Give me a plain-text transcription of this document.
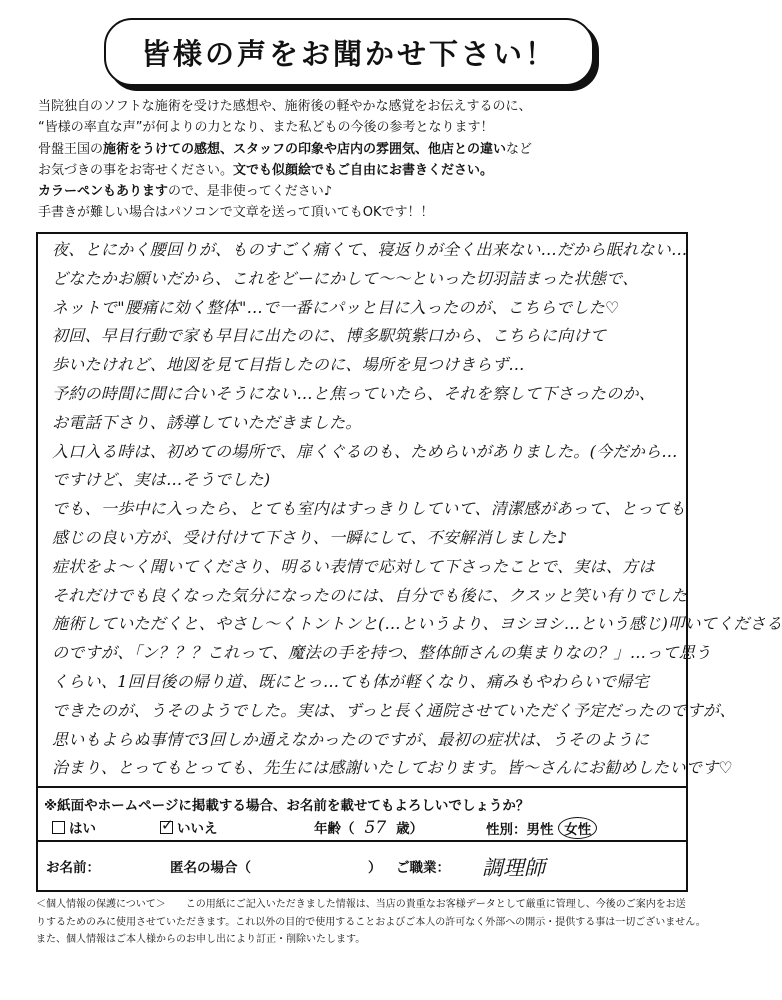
皆様の声をお聞かせ下さい！
当院独自のソフトな施術を受けた感想や、施術後の軽やかな感覚をお伝えするのに、
“皆様の率直な声”が何よりの力となり、また私どもの今後の参考となります！
骨盤王国の施術をうけての感想、スタッフの印象や店内の雰囲気、他店との違いなど
お気づきの事をお寄せください。文でも似顔絵でもご自由にお書きください。
カラーペンもありますので、是非使ってください♪
手書きが難しい場合はパソコンで文章を送って頂いてもOKです！！
夜、とにかく腰回りが、ものすごく痛くて、寝返りが全く出来ない…だから眠れない…
どなたかお願いだから、これをどーにかして～～といった切羽詰まった状態で、
ネットで"腰痛に効く整体"…で一番にパッと目に入ったのが、こちらでした♡
初回、早目行動で家も早目に出たのに、博多駅筑紫口から、こちらに向けて
歩いたけれど、地図を見て目指したのに、場所を見つけきらず…
予約の時間に間に合いそうにない…と焦っていたら、それを察して下さったのか、
お電話下さり、誘導していただきました。
入口入る時は、初めての場所で、扉くぐるのも、ためらいがありました。(今だから…
ですけど、実は…そうでした)
でも、一歩中に入ったら、とても室内はすっきりしていて、清潔感があって、とっても
感じの良い方が、受け付けて下さり、一瞬にして、不安解消しました♪
症状をよ～く聞いてくださり、明るい表情で応対して下さったことで、実は、方は
それだけでも良くなった気分になったのには、自分でも後に、クスッと笑い有りでした
施術していただくと、やさし～くトントンと(…というより、ヨシヨシ…という感じ)叩いてくださる
のですが、「ン？？？これって、魔法の手を持つ、整体師さんの集まりなの？」…って思う
くらい、1回目後の帰り道、既にとっ…ても体が軽くなり、痛みもやわらいで帰宅
できたのが、うそのようでした。実は、ずっと長く通院させていただく予定だったのですが、
思いもよらぬ事情で3回しか通えなかったのですが、最初の症状は、うそのように
治まり、とってもとっても、先生には感謝いたしております。皆～さんにお勧めしたいです♡
※紙面やホームページに掲載する場合、お名前を載せてもよろしいでしょうか？
はい	✓ いいえ	年齢（ 57 歳）	性別：男性 女性
お名前：	匿名の場合（	） ご職業： 調理師
＜個人情報の保護について＞　　この用紙にご記入いただきました情報は、当店の貴重なお客様データとして厳重に管理し、今後のご案内をお送
りするためのみに使用させていただきます。これ以外の目的で使用することおよびご本人の許可なく外部への開示・提供する事は一切ございません。
また、個人情報はご本人様からのお申し出により訂正・削除いたします。
